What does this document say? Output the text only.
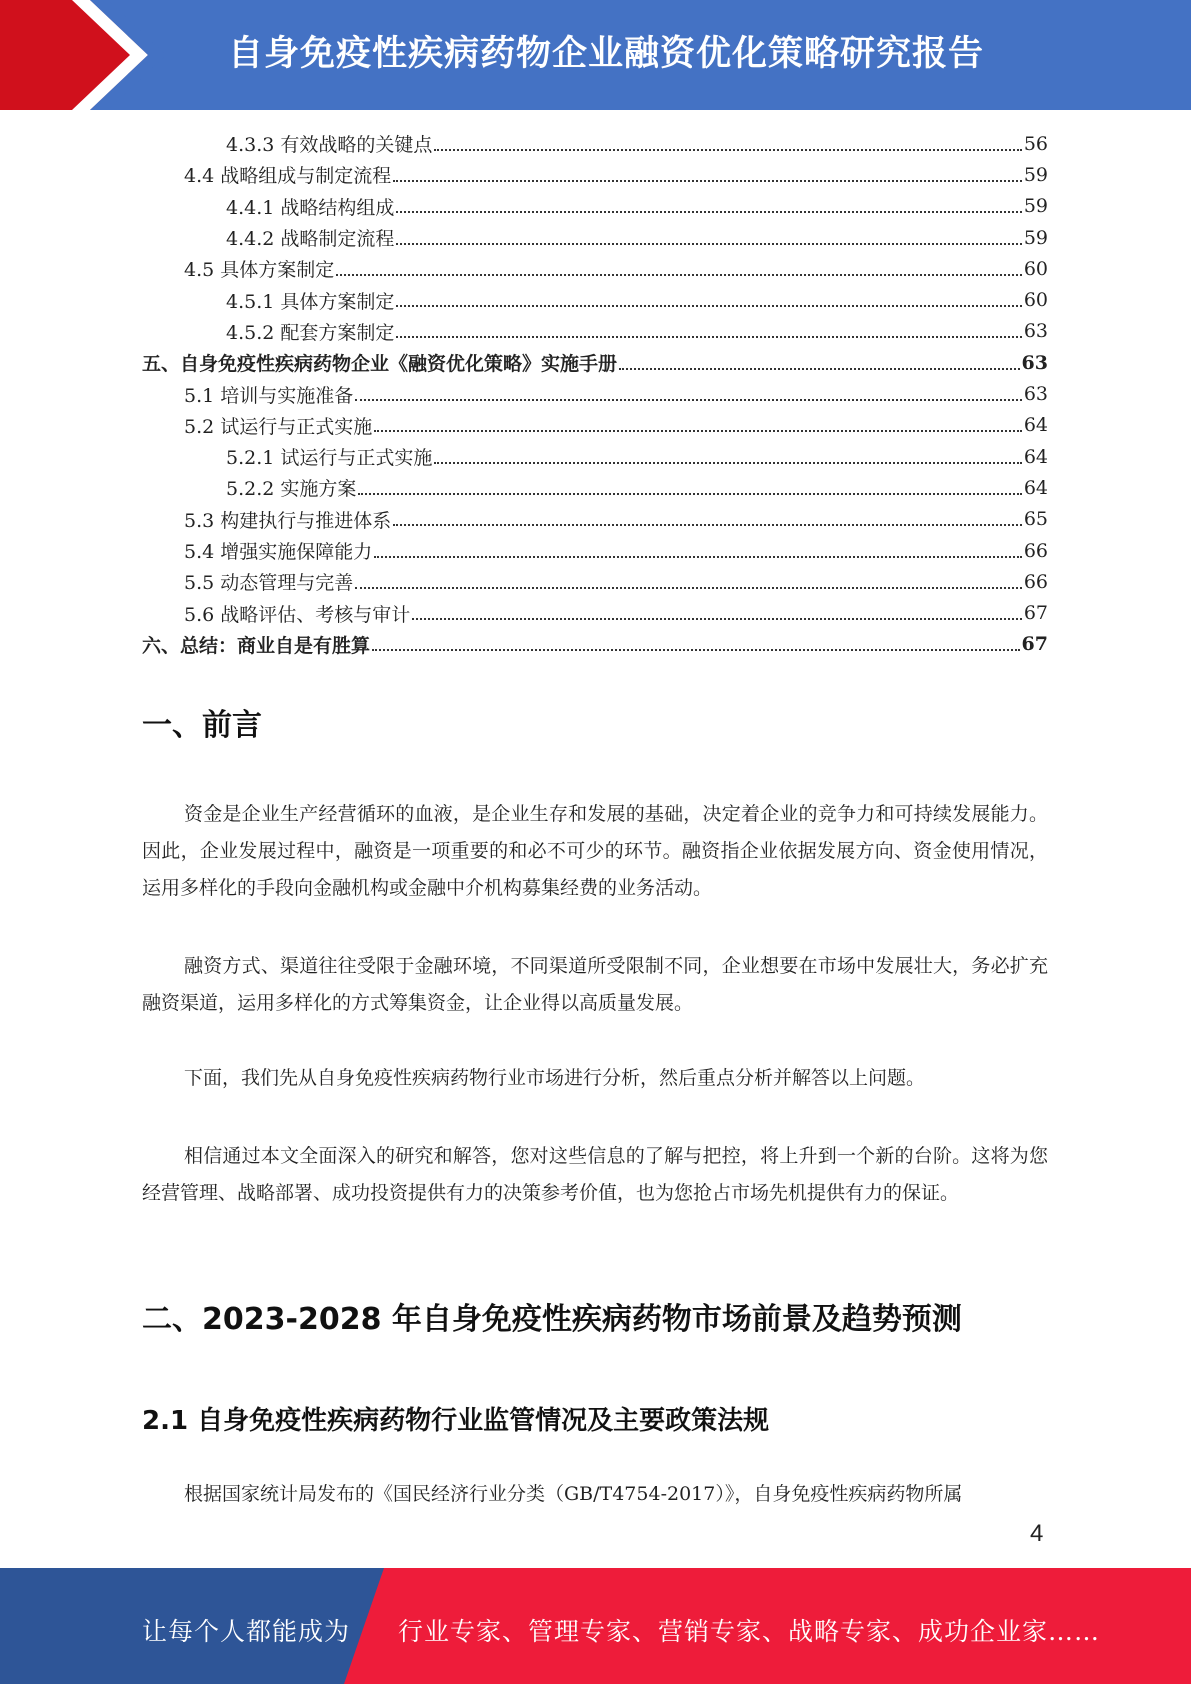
自身免疫性疾病药物企业融资优化策略研究报告
4.3.3 有效战略的关键点	56
4.4 战略组成与制定流程	59
4.4.1 战略结构组成	59
4.4.2 战略制定流程	59
4.5 具体方案制定	60
4.5.1 具体方案制定	60
4.5.2 配套方案制定	63
五、自身免疫性疾病药物企业《融资优化策略》实施手册	63
5.1 培训与实施准备	63
5.2 试运行与正式实施	64
5.2.1 试运行与正式实施	64
5.2.2 实施方案	64
5.3 构建执行与推进体系	65
5.4 增强实施保障能力	66
5.5 动态管理与完善	66
5.6 战略评估、考核与审计	67
六、总结：商业自是有胜算	67
一、前言
资金是企业生产经营循环的血液，是企业生存和发展的基础，决定着企业的竞争力和可持续发展能力。因此，企业发展过程中，融资是一项重要的和必不可少的环节。融资指企业依据发展方向、资金使用情况，运用多样化的手段向金融机构或金融中介机构募集经费的业务活动。
融资方式、渠道往往受限于金融环境，不同渠道所受限制不同，企业想要在市场中发展壮大，务必扩充融资渠道，运用多样化的方式筹集资金，让企业得以高质量发展。
下面，我们先从自身免疫性疾病药物行业市场进行分析，然后重点分析并解答以上问题。
相信通过本文全面深入的研究和解答，您对这些信息的了解与把控，将上升到一个新的台阶。这将为您经营管理、战略部署、成功投资提供有力的决策参考价值，也为您抢占市场先机提供有力的保证。
二、2023-2028 年自身免疫性疾病药物市场前景及趋势预测
2.1 自身免疫性疾病药物行业监管情况及主要政策法规
根据国家统计局发布的《国民经济行业分类（GB/T4754-2017）》，自身免疫性疾病药物所属
4
让每个人都能成为 行业专家、管理专家、营销专家、战略专家、成功企业家……
